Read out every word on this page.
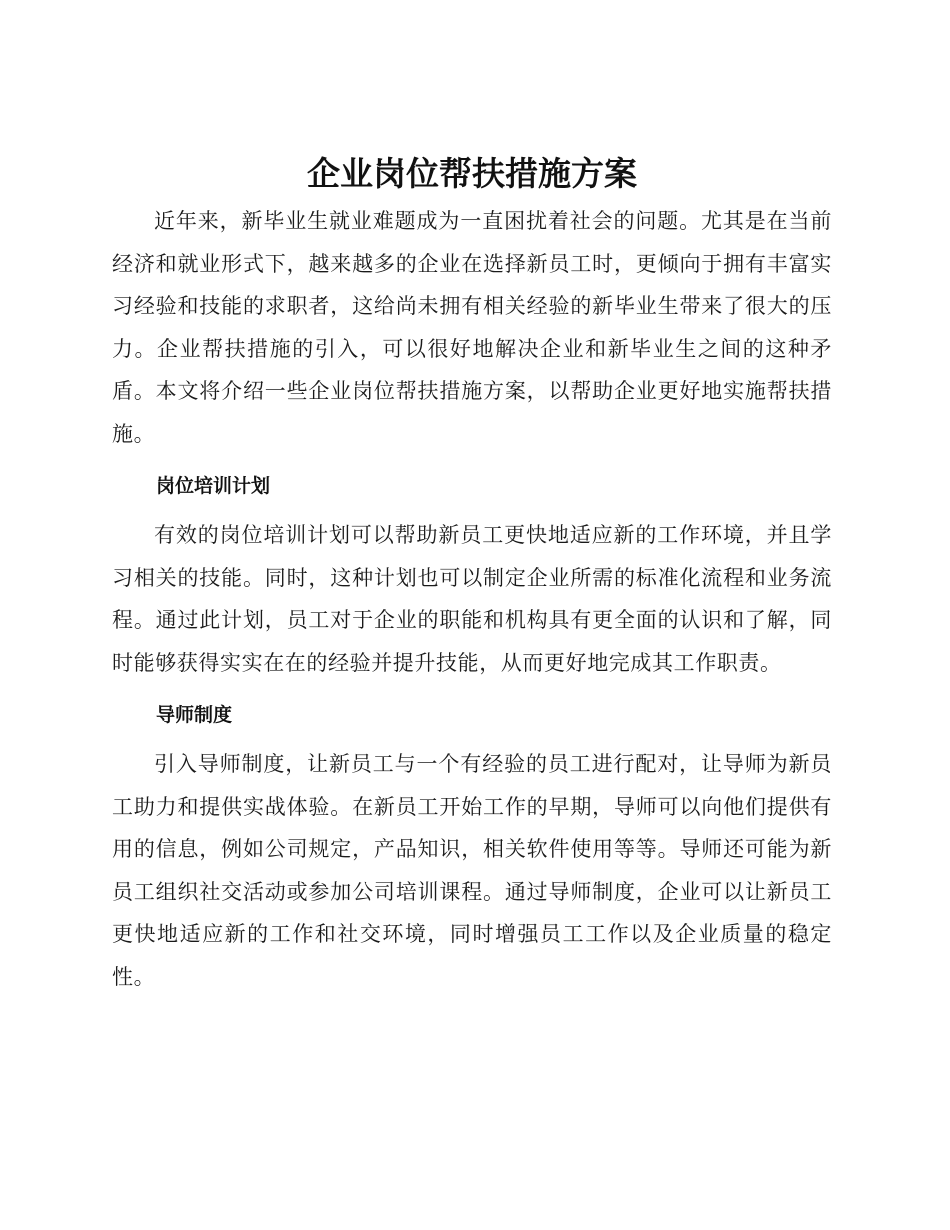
企业岗位帮扶措施方案

近年来，新毕业生就业难题成为一直困扰着社会的问题。尤其是在当前经济和就业形式下，越来越多的企业在选择新员工时，更倾向于拥有丰富实习经验和技能的求职者，这给尚未拥有相关经验的新毕业生带来了很大的压力。企业帮扶措施的引入，可以很好地解决企业和新毕业生之间的这种矛盾。本文将介绍一些企业岗位帮扶措施方案，以帮助企业更好地实施帮扶措施。

岗位培训计划

有效的岗位培训计划可以帮助新员工更快地适应新的工作环境，并且学习相关的技能。同时，这种计划也可以制定企业所需的标准化流程和业务流程。通过此计划，员工对于企业的职能和机构具有更全面的认识和了解，同时能够获得实实在在的经验并提升技能，从而更好地完成其工作职责。

导师制度

引入导师制度，让新员工与一个有经验的员工进行配对，让导师为新员工助力和提供实战体验。在新员工开始工作的早期，导师可以向他们提供有用的信息，例如公司规定，产品知识，相关软件使用等等。导师还可能为新员工组织社交活动或参加公司培训课程。通过导师制度，企业可以让新员工更快地适应新的工作和社交环境，同时增强员工工作以及企业质量的稳定性。
